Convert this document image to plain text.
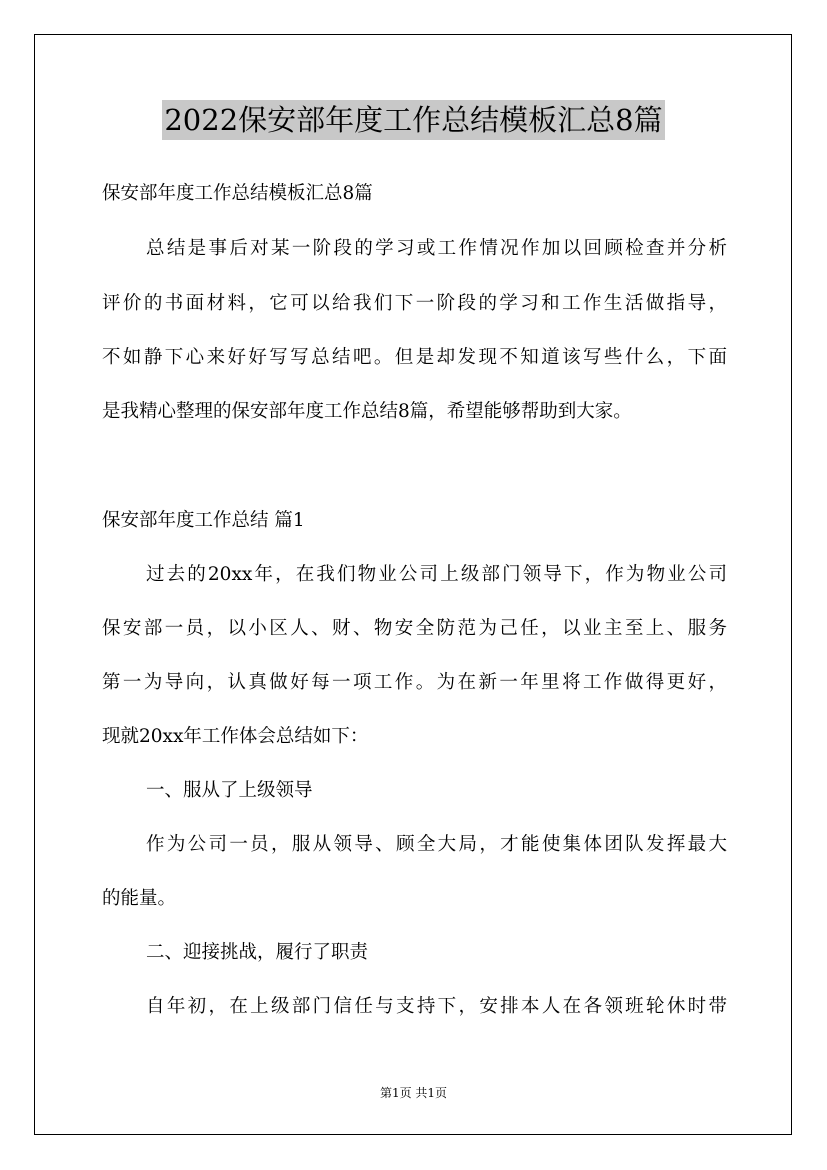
2022保安部年度工作总结模板汇总8篇
保安部年度工作总结模板汇总8篇
总结是事后对某一阶段的学习或工作情况作加以回顾检查并分析
评价的书面材料，它可以给我们下一阶段的学习和工作生活做指导，
不如静下心来好好写写总结吧。但是却发现不知道该写些什么，下面
是我精心整理的保安部年度工作总结8篇，希望能够帮助到大家。
保安部年度工作总结 篇1
过去的20xx年，在我们物业公司上级部门领导下，作为物业公司
保安部一员，以小区人、财、物安全防范为己任，以业主至上、服务
第一为导向，认真做好每一项工作。为在新一年里将工作做得更好，
现就20xx年工作体会总结如下：
一、服从了上级领导
作为公司一员，服从领导、顾全大局，才能使集体团队发挥最大
的能量。
二、迎接挑战，履行了职责
自年初，在上级部门信任与支持下，安排本人在各领班轮休时带
第1页 共1页
